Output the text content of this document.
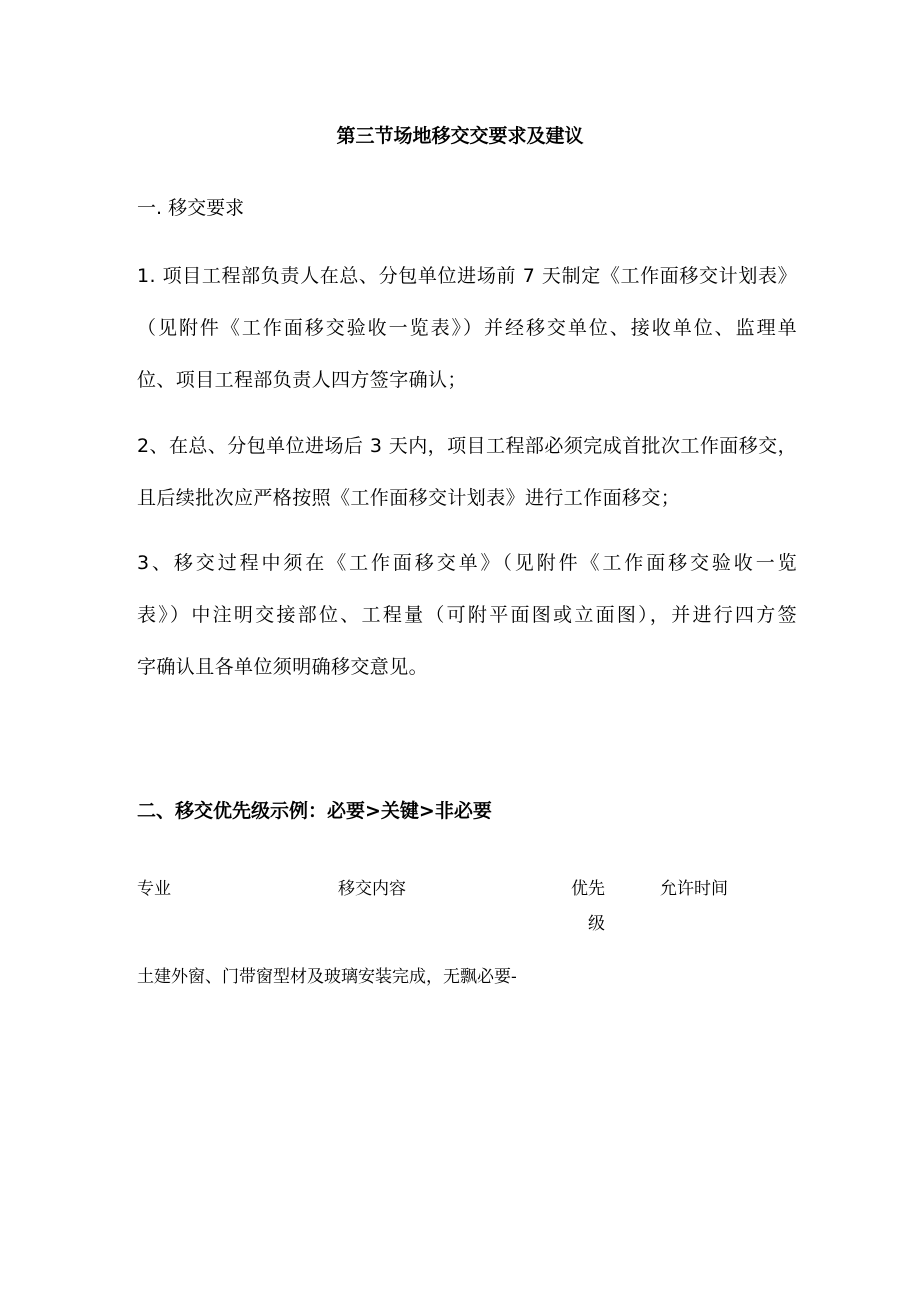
第三节场地移交交要求及建议
一. 移交要求
1. 项目工程部负责人在总、分包单位进场前 7 天制定《工作面移交计划表》
（见附件《工作面移交验收一览表》）并经移交单位、接收单位、监理单
位、项目工程部负责人四方签字确认；
2、在总、分包单位进场后 3 天内，项目工程部必须完成首批次工作面移交，
且后续批次应严格按照《工作面移交计划表》进行工作面移交；
3、移交过程中须在《工作面移交单》（见附件《工作面移交验收一览
表》）中注明交接部位、工程量（可附平面图或立面图），并进行四方签
字确认且各单位须明确移交意见。
二、移交优先级示例：必要>关键>非必要
专业	移交内容	优先
级
允许时间
土建外窗、门带窗型材及玻璃安装完成，无飘必要-
